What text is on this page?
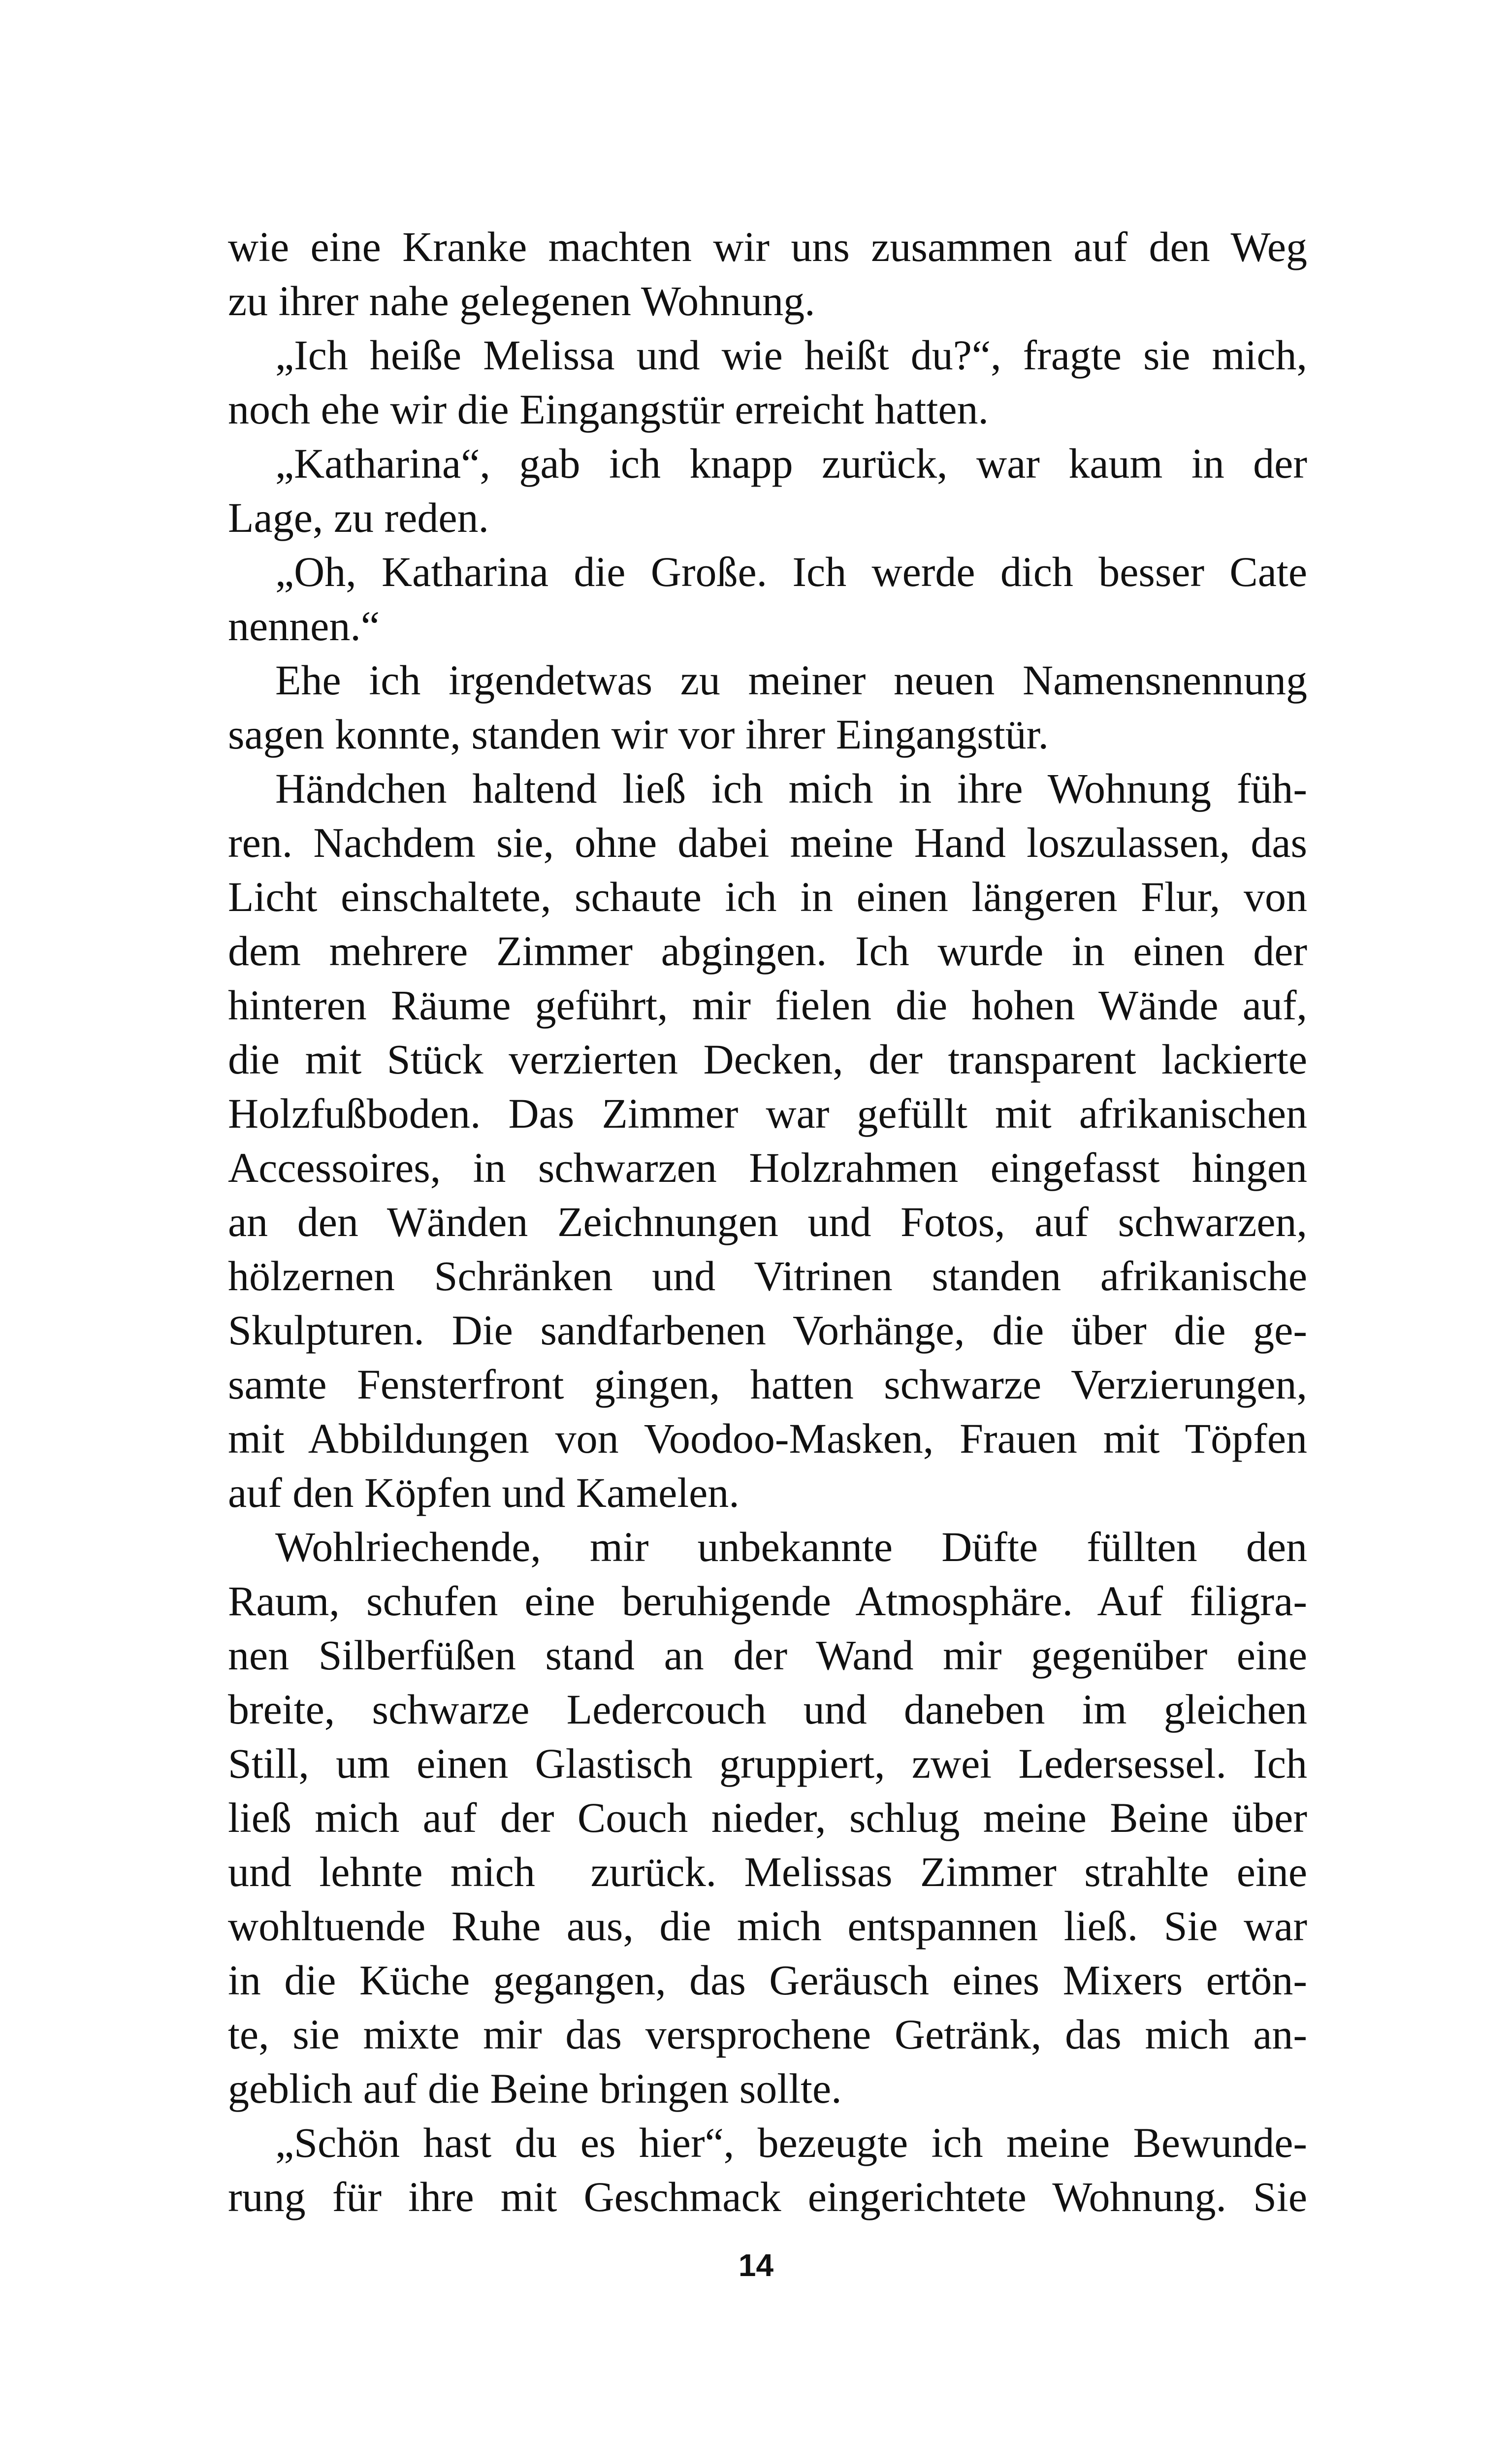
wie eine Kranke machten wir uns zusammen auf den Weg
zu ihrer nahe gelegenen Wohnung.
„Ich heiße Melissa und wie heißt du?“, fragte sie mich,
noch ehe wir die Eingangstür erreicht hatten.
„Katharina“, gab ich knapp zurück, war kaum in der
Lage, zu reden.
„Oh, Katharina die Große. Ich werde dich besser Cate
nennen.“
Ehe ich irgendetwas zu meiner neuen Namensnennung
sagen konnte, standen wir vor ihrer Eingangstür.
Händchen haltend ließ ich mich in ihre Wohnung füh-
ren. Nachdem sie, ohne dabei meine Hand loszulassen, das
Licht einschaltete, schaute ich in einen längeren Flur, von
dem mehrere Zimmer abgingen. Ich wurde in einen der
hinteren Räume geführt, mir fielen die hohen Wände auf,
die mit Stück verzierten Decken, der transparent lackierte
Holzfußboden. Das Zimmer war gefüllt mit afrikanischen
Accessoires, in schwarzen Holzrahmen eingefasst hingen
an den Wänden Zeichnungen und Fotos, auf schwarzen,
hölzernen Schränken und Vitrinen standen afrikanische
Skulpturen. Die sandfarbenen Vorhänge, die über die ge-
samte Fensterfront gingen, hatten schwarze Verzierungen,
mit Abbildungen von Voodoo-Masken, Frauen mit Töpfen
auf den Köpfen und Kamelen.
Wohlriechende, mir unbekannte Düfte füllten den
Raum, schufen eine beruhigende Atmosphäre. Auf filigra-
nen Silberfüßen stand an der Wand mir gegenüber eine
breite, schwarze Ledercouch und daneben im gleichen
Still, um einen Glastisch gruppiert, zwei Ledersessel. Ich
ließ mich auf der Couch nieder, schlug meine Beine über
und lehnte mich  zurück. Melissas Zimmer strahlte eine
wohltuende Ruhe aus, die mich entspannen ließ. Sie war
in die Küche gegangen, das Geräusch eines Mixers ertön-
te, sie mixte mir das versprochene Getränk, das mich an-
geblich auf die Beine bringen sollte.
„Schön hast du es hier“, bezeugte ich meine Bewunde-
rung für ihre mit Geschmack eingerichtete Wohnung. Sie
14
